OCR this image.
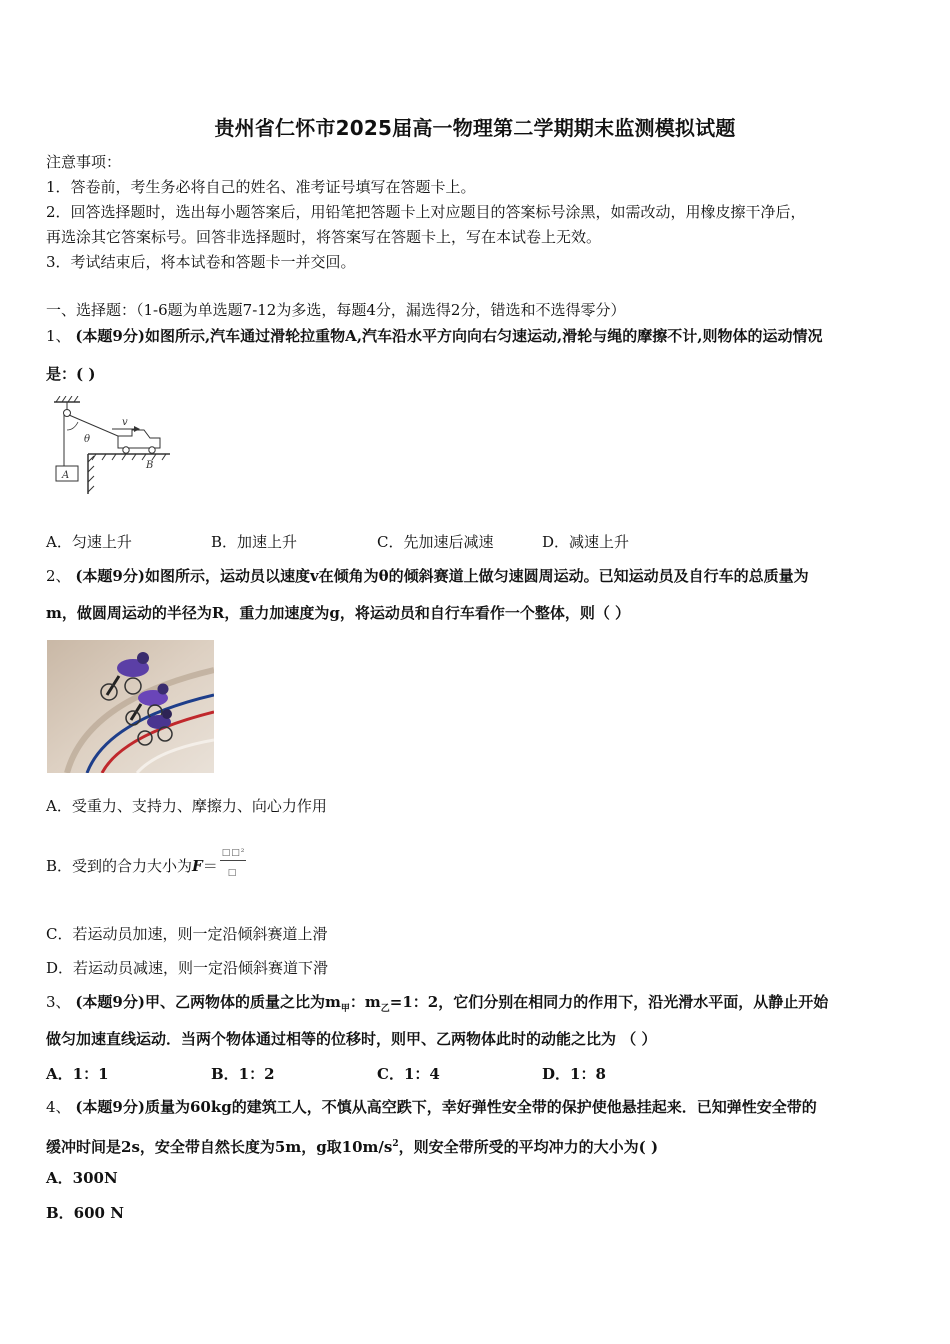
贵州省仁怀市2025届高一物理第二学期期末监测模拟试题
注意事项：
1．答卷前，考生务必将自己的姓名、准考证号填写在答题卡上。
2．回答选择题时，选出每小题答案后，用铅笔把答题卡上对应题目的答案标号涂黑，如需改动，用橡皮擦干净后，
再选涂其它答案标号。回答非选择题时，将答案写在答题卡上，写在本试卷上无效。
3．考试结束后，将本试卷和答题卡一并交回。
一、选择题：（1-6题为单选题7-12为多选，每题4分，漏选得2分，错选和不选得零分）
1、 (本题9分)如图所示,汽车通过滑轮拉重物A,汽车沿水平方向向右匀速运动,滑轮与绳的摩擦不计,则物体的运动情况
是：( )
A
θ
v
B
A．匀速上升	B．加速上升	C．先加速后减速	D．减速上升
2、 (本题9分)如图所示，运动员以速度v在倾角为θ的倾斜赛道上做匀速圆周运动。已知运动员及自行车的总质量为
m，做圆周运动的半径为R，重力加速度为g，将运动员和自行车看作一个整体，则（ ）
A．受重力、支持力、摩擦力、向心力作用
B．受到的合力大小为$F= \frac{\text{□□²}}{□}$
C．若运动员加速，则一定沿倾斜赛道上滑
D．若运动员减速，则一定沿倾斜赛道下滑
3、 (本题9分)甲、乙两物体的质量之比为$m_甲$：$m_乙=1$：2，它们分别在相同力的作用下，沿光滑水平面，从静止开始
做匀加速直线运动．当两个物体通过相等的位移时，则甲、乙两物体此时的动能之比为 （ ）
A．1：1	B．1：2	C．1：4	D．1：8
4、 (本题9分)质量为60kg的建筑工人，不慎从高空跌下，幸好弹性安全带的保护使他悬挂起来．已知弹性安全带的
缓冲时间是2s，安全带自然长度为5m，g取$10m/s^2$，则安全带所受的平均冲力的大小为( )
A．300N
B．600 N
